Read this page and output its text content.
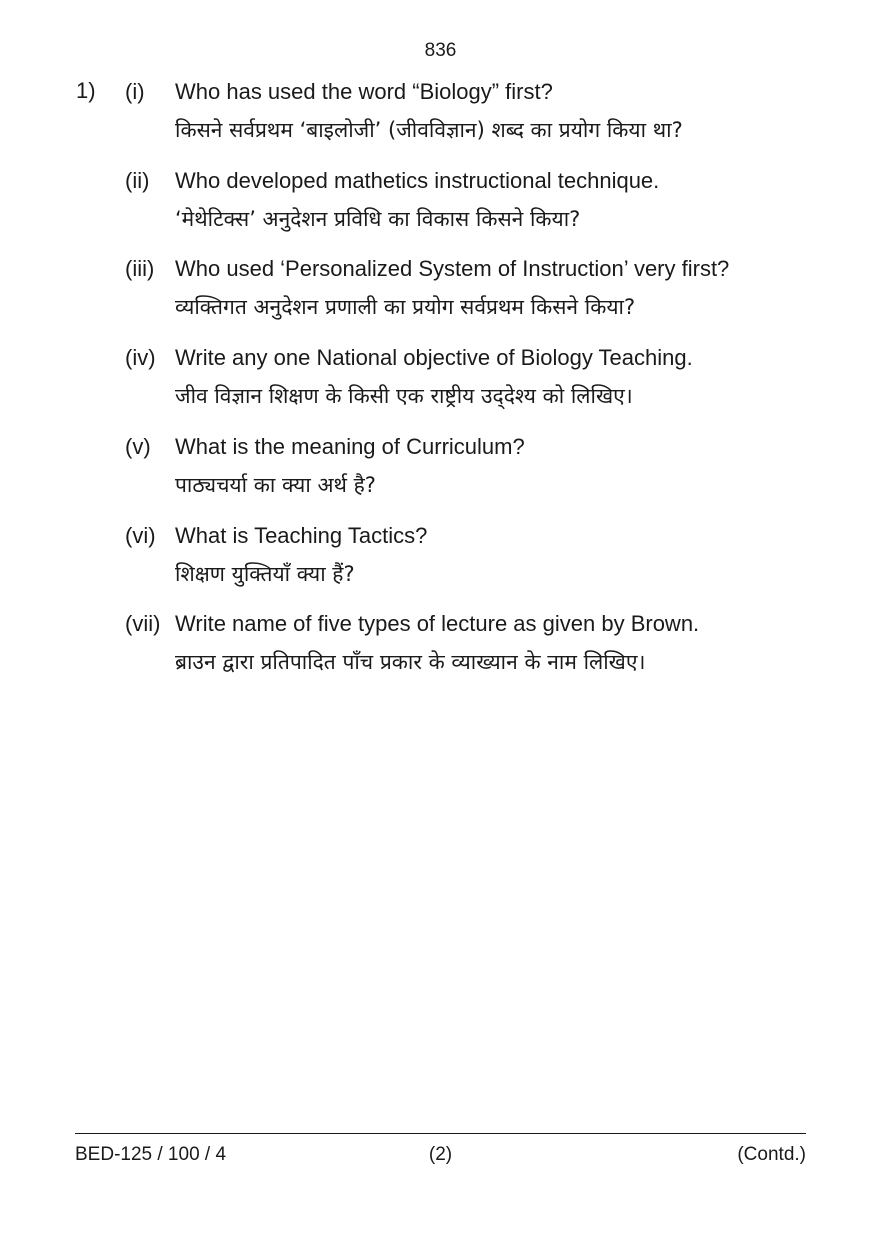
836
1) (i) Who has used the word “Biology” first?
किसने सर्वप्रथम ‘बाइलोजी’ (जीवविज्ञान) शब्द का प्रयोग किया था?
(ii) Who developed mathetics instructional technique.
‘मेथेटिक्स’ अनुदेशन प्रविधि का विकास किसने किया?
(iii) Who used ‘Personalized System of Instruction’ very first?
व्यक्तिगत अनुदेशन प्रणाली का प्रयोग सर्वप्रथम किसने किया?
(iv) Write any one National objective of Biology Teaching.
जीव विज्ञान शिक्षण के किसी एक राष्ट्रीय उद्‌देश्य को लिखिए।
(v) What is the meaning of Curriculum?
पाठ्यचर्या का क्या अर्थ है?
(vi) What is Teaching Tactics?
शिक्षण युक्तियाँ क्या हैं?
(vii) Write name of five types of lecture as given by Brown.
ब्राउन द्वारा प्रतिपादित पाँच प्रकार के व्याख्यान के नाम लिखिए।
BED-125 / 100 / 4	(2)	(Contd.)
